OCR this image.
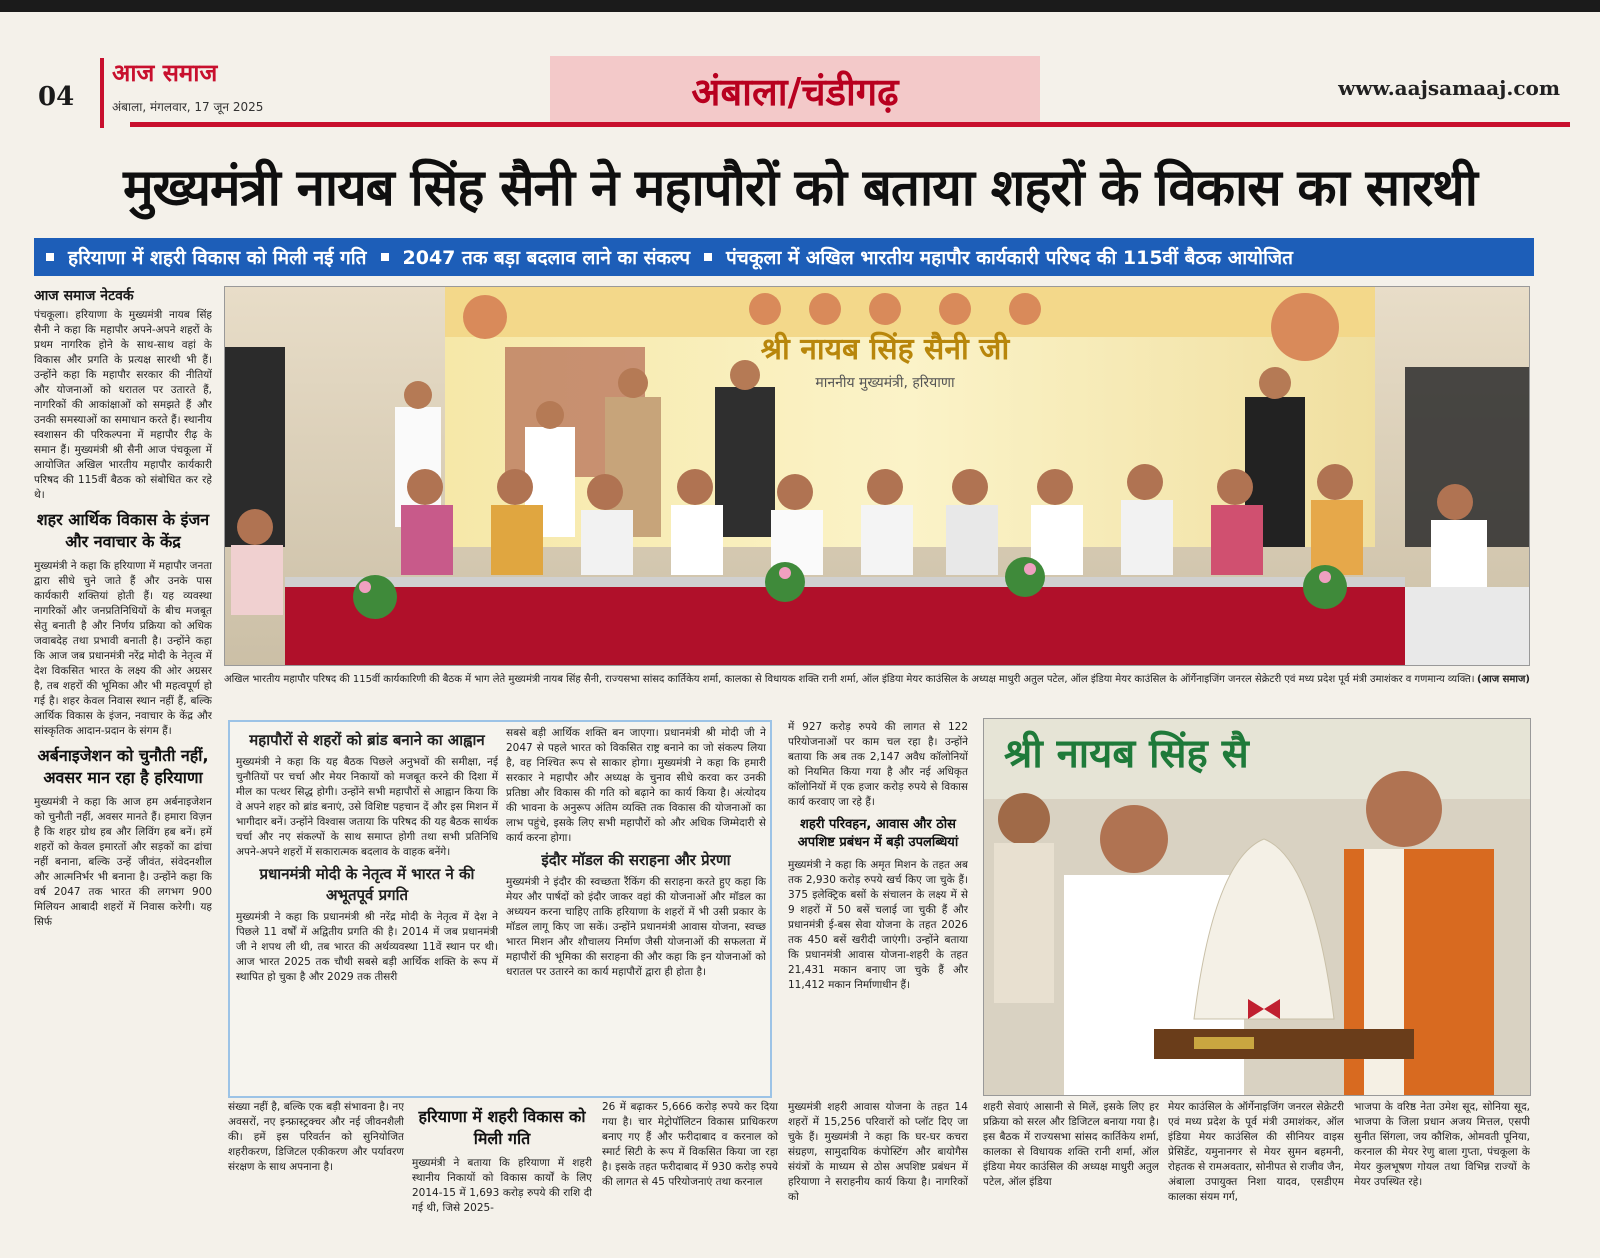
04
आज समाज
अंबाला, मंगलवार, 17 जून 2025	अंबाला/चंडीगढ़	www.aajsamaaj.com
मुख्यमंत्री नायब सिंह सैनी ने महापौरों को बताया शहरों के विकास का सारथी
हरियाणा में शहरी विकास को मिली नई गति 2047 तक बड़ा बदलाव लाने का संकल्प पंचकूला में अखिल भारतीय महापौर कार्यकारी परिषद की 115वीं बैठक आयोजित
आज समाज नेटवर्क

पंचकूला। हरियाणा के मुख्यमंत्री नायब सिंह सैनी ने कहा कि महापौर अपने-अपने शहरों के प्रथम नागरिक होने के साथ-साथ वहां के विकास और प्रगति के प्रत्यक्ष सारथी भी हैं। उन्होंने कहा कि महापौर सरकार की नीतियों और योजनाओं को धरातल पर उतारते हैं, नागरिकों की आकांक्षाओं को समझते हैं और उनकी समस्याओं का समाधान करते हैं। स्थानीय स्वशासन की परिकल्पना में महापौर रीढ़ के समान हैं। मुख्यमंत्री श्री सैनी आज पंचकूला में आयोजित अखिल भारतीय महापौर कार्यकारी परिषद की 115वीं बैठक को संबोधित कर रहे थे।

शहर आर्थिक विकास के इंजन और नवाचार के केंद्र

मुख्यमंत्री ने कहा कि हरियाणा में महापौर जनता द्वारा सीधे चुने जाते हैं और उनके पास कार्यकारी शक्तियां होती हैं। यह व्यवस्था नागरिकों और जनप्रतिनिधियों के बीच मजबूत सेतु बनाती है और निर्णय प्रक्रिया को अधिक जवाबदेह तथा प्रभावी बनाती है। उन्होंने कहा कि आज जब प्रधानमंत्री नरेंद्र मोदी के नेतृत्व में देश विकसित भारत के लक्ष्य की ओर अग्रसर है, तब शहरों की भूमिका और भी महत्वपूर्ण हो गई है। शहर केवल निवास स्थान नहीं हैं, बल्कि आर्थिक विकास के इंजन, नवाचार के केंद्र और सांस्कृतिक आदान-प्रदान के संगम हैं।

अर्बनाइजेशन को चुनौती नहीं, अवसर मान रहा है हरियाणा

मुख्यमंत्री ने कहा कि आज हम अर्बनाइजेशन को चुनौती नहीं, अवसर मानते हैं। हमारा विज़न है कि शहर ग्रोथ हब और लिविंग हब बनें। हमें शहरों को केवल इमारतों और सड़कों का ढांचा नहीं बनाना, बल्कि उन्हें जीवंत, संवेदनशील और आत्मनिर्भर भी बनाना है। उन्होंने कहा कि वर्ष 2047 तक भारत की लगभग 900 मिलियन आबादी शहरों में निवास करेगी। यह सिर्फ

श्री नायब सिंह सैनी जी
माननीय मुख्यमंत्री, हरियाणा
अखिल भारतीय महापौर परिषद की 115वीं कार्यकारिणी की बैठक में भाग लेते मुख्यमंत्री नायब सिंह सैनी, राज्यसभा सांसद कार्तिकेय शर्मा, कालका से विधायक शक्ति रानी शर्मा, ऑल इंडिया मेयर काउंसिल के अध्यक्ष माधुरी अतुल पटेल, ऑल इंडिया मेयर काउंसिल के ऑर्गेनाइजिंग जनरल सेक्रेटरी एवं मध्य प्रदेश पूर्व मंत्री उमाशंकर व गणमान्य व्यक्ति। (आज समाज)
महापौरों से शहरों को ब्रांड बनाने का आह्वान

मुख्यमंत्री ने कहा कि यह बैठक पिछले अनुभवों की समीक्षा, नई चुनौतियों पर चर्चा और मेयर निकायों को मजबूत करने की दिशा में मील का पत्थर सिद्ध होगी। उन्होंने सभी महापौरों से आह्वान किया कि वे अपने शहर को ब्रांड बनाएं, उसे विशिष्ट पहचान दें और इस मिशन में भागीदार बनें। उन्होंने विश्वास जताया कि परिषद की यह बैठक सार्थक चर्चा और नए संकल्पों के साथ समाप्त होगी तथा सभी प्रतिनिधि अपने-अपने शहरों में सकारात्मक बदलाव के वाहक बनेंगे।

प्रधानमंत्री मोदी के नेतृत्व में भारत ने की अभूतपूर्व प्रगति

मुख्यमंत्री ने कहा कि प्रधानमंत्री श्री नरेंद्र मोदी के नेतृत्व में देश ने पिछले 11 वर्षों में अद्वितीय प्रगति की है। 2014 में जब प्रधानमंत्री जी ने शपथ ली थी, तब भारत की अर्थव्यवस्था 11वें स्थान पर थी। आज भारत 2025 तक चौथी सबसे बड़ी आर्थिक शक्ति के रूप में स्थापित हो चुका है और 2029 तक तीसरी

सबसे बड़ी आर्थिक शक्ति बन जाएगा। प्रधानमंत्री श्री मोदी जी ने 2047 से पहले भारत को विकसित राष्ट्र बनाने का जो संकल्प लिया है, वह निश्चित रूप से साकार होगा। मुख्यमंत्री ने कहा कि हमारी सरकार ने महापौर और अध्यक्ष के चुनाव सीधे करवा कर उनकी प्रतिष्ठा और विकास की गति को बढ़ाने का कार्य किया है। अंत्योदय की भावना के अनुरूप अंतिम व्यक्ति तक विकास की योजनाओं का लाभ पहुंचे, इसके लिए सभी महापौरों को और अधिक जिम्मेदारी से कार्य करना होगा।

इंदौर मॉडल की सराहना और प्रेरणा

मुख्यमंत्री ने इंदौर की स्वच्छता रैंकिंग की सराहना करते हुए कहा कि मेयर और पार्षदों को इंदौर जाकर वहां की योजनाओं और मॉडल का अध्ययन करना चाहिए ताकि हरियाणा के शहरों में भी उसी प्रकार के मॉडल लागू किए जा सकें। उन्होंने प्रधानमंत्री आवास योजना, स्वच्छ भारत मिशन और शौचालय निर्माण जैसी योजनाओं की सफलता में महापौरों की भूमिका की सराहना की और कहा कि इन योजनाओं को धरातल पर उतारने का कार्य महापौरों द्वारा ही होता है।

में 927 करोड़ रुपये की लागत से 122 परियोजनाओं पर काम चल रहा है। उन्होंने बताया कि अब तक 2,147 अवैध कॉलोनियों को नियमित किया गया है और नई अधिकृत कॉलोनियों में एक हजार करोड़ रुपये से विकास कार्य करवाए जा रहे हैं।

शहरी परिवहन, आवास और ठोस अपशिष्ट प्रबंधन में बड़ी उपलब्धियां

मुख्यमंत्री ने कहा कि अमृत मिशन के तहत अब तक 2,930 करोड़ रुपये खर्च किए जा चुके हैं। 375 इलेक्ट्रिक बसों के संचालन के लक्ष्य में से 9 शहरों में 50 बसें चलाई जा चुकी हैं और प्रधानमंत्री ई-बस सेवा योजना के तहत 2026 तक 450 बसें खरीदी जाएंगी। उन्होंने बताया कि प्रधानमंत्री आवास योजना-शहरी के तहत 21,431 मकान बनाए जा चुके हैं और 11,412 मकान निर्माणाधीन हैं।

श्री नायब सिंह सै

संख्या नहीं है, बल्कि एक बड़ी संभावना है। नए अवसरों, नए इन्फ्रास्ट्रक्चर और नई जीवनशैली की। हमें इस परिवर्तन को सुनियोजित शहरीकरण, डिजिटल एकीकरण और पर्यावरण संरक्षण के साथ अपनाना है।

हरियाणा में शहरी विकास को मिली गति

मुख्यमंत्री ने बताया कि हरियाणा में शहरी स्थानीय निकायों को विकास कार्यों के लिए 2014-15 में 1,693 करोड़ रुपये की राशि दी गई थी, जिसे 2025-

26 में बढ़ाकर 5,666 करोड़ रुपये कर दिया गया है। चार मेट्रोपॉलिटन विकास प्राधिकरण बनाए गए हैं और फरीदाबाद व करनाल को स्मार्ट सिटी के रूप में विकसित किया जा रहा है। इसके तहत फरीदाबाद में 930 करोड़ रुपये की लागत से 45 परियोजनाएं तथा करनाल

मुख्यमंत्री शहरी आवास योजना के तहत 14 शहरों में 15,256 परिवारों को प्लॉट दिए जा चुके हैं। मुख्यमंत्री ने कहा कि घर-घर कचरा संग्रहण, सामुदायिक कंपोस्टिंग और बायोगैस संयंत्रों के माध्यम से ठोस अपशिष्ट प्रबंधन में हरियाणा ने सराहनीय कार्य किया है। नागरिकों को

शहरी सेवाएं आसानी से मिलें, इसके लिए हर प्रक्रिया को सरल और डिजिटल बनाया गया है। इस बैठक में राज्यसभा सांसद कार्तिकेय शर्मा, कालका से विधायक शक्ति रानी शर्मा, ऑल इंडिया मेयर काउंसिल की अध्यक्ष माधुरी अतुल पटेल, ऑल इंडिया

मेयर काउंसिल के ऑर्गेनाइजिंग जनरल सेक्रेटरी एवं मध्य प्रदेश के पूर्व मंत्री उमाशंकर, ऑल इंडिया मेयर काउंसिल की सीनियर वाइस प्रेसिडेंट, यमुनानगर से मेयर सुमन बहमनी, रोहतक से रामअवतार, सोनीपत से राजीव जैन, अंबाला उपायुक्त निशा यादव, एसडीएम कालका संयम गर्ग,

भाजपा के वरिष्ठ नेता उमेश सूद, सोनिया सूद, भाजपा के जिला प्रधान अजय मित्तल, एसपी सुनीत सिंगला, जय कौशिक, ओमवती पूनिया, करनाल की मेयर रेणु बाला गुप्ता, पंचकूला के मेयर कुलभूषण गोयल तथा विभिन्न राज्यों के मेयर उपस्थित रहे।
